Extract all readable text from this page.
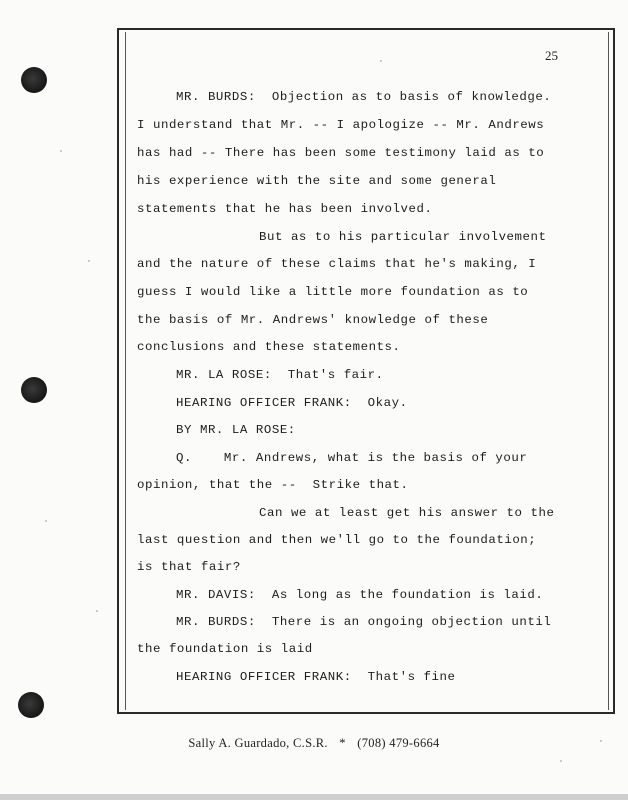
25
MR. BURDS:  Objection as to basis of knowledge.
I understand that Mr. -- I apologize -- Mr. Andrews
has had -- There has been some testimony laid as to
his experience with the site and some general
statements that he has been involved.
But as to his particular involvement
and the nature of these claims that he's making, I
guess I would like a little more foundation as to
the basis of Mr. Andrews' knowledge of these
conclusions and these statements.
MR. LA ROSE:  That's fair.
HEARING OFFICER FRANK:  Okay.
BY MR. LA ROSE:
Q.    Mr. Andrews, what is the basis of your
opinion, that the --  Strike that.
Can we at least get his answer to the
last question and then we'll go to the foundation;
is that fair?
MR. DAVIS:  As long as the foundation is laid.
MR. BURDS:  There is an ongoing objection until
the foundation is laid
HEARING OFFICER FRANK:  That's fine
Sally A. Guardado, C.S.R. * (708) 479-6664
